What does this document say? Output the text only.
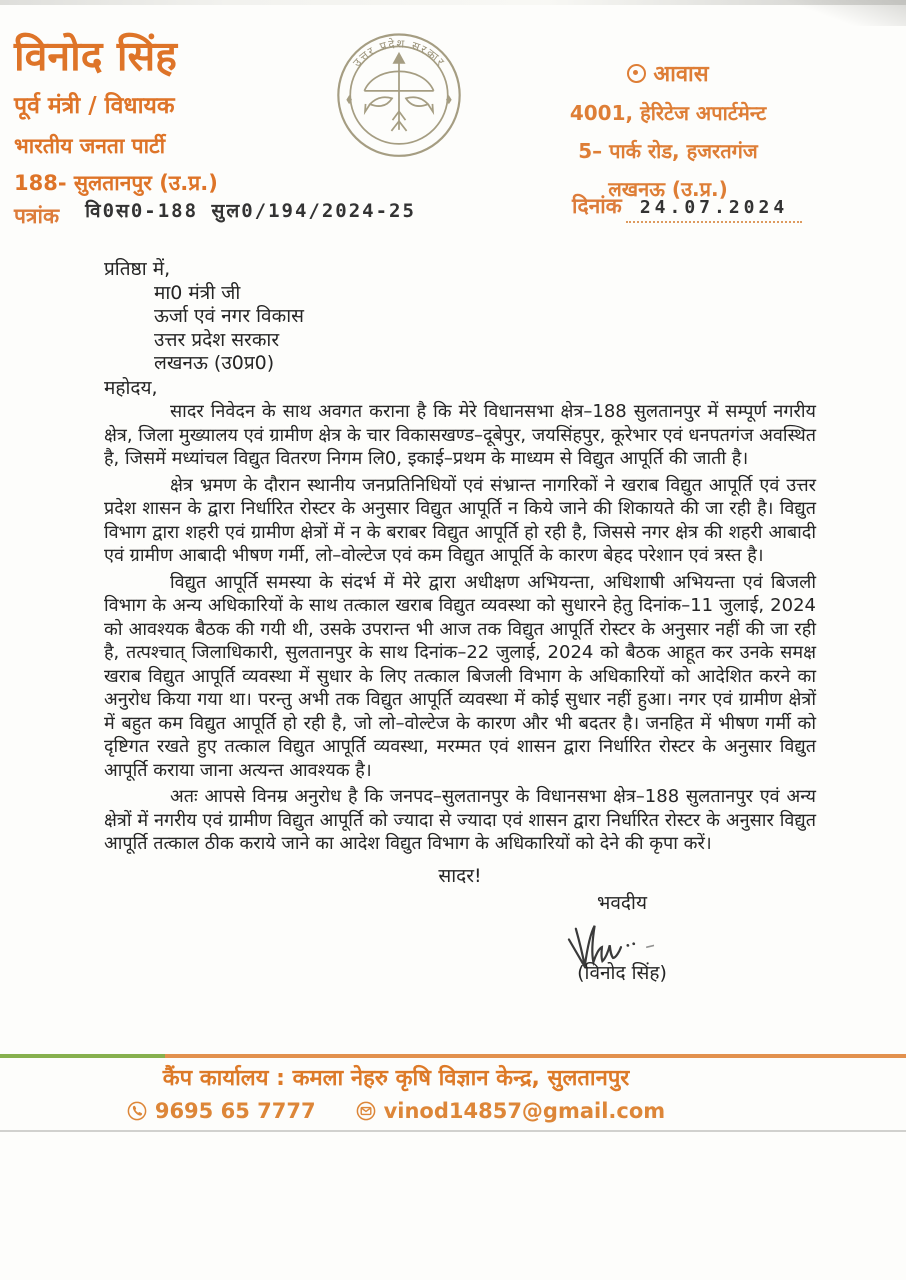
विनोद सिंह
पूर्व मंत्री / विधायक
भारतीय जनता पार्टी
188- सुलतानपुर (उ.प्र.)
उत्तर प्रदेश सरकार	आवास
4001, हेरिटेज अपार्टमेन्ट
5– पार्क रोड, हजरतगंज
लखनऊ (उ.प्र.)
पत्रांक वि0स0-188 सुल0/194/2024-25	दिनांक	24.07.2024
प्रतिष्ठा में,
मा0 मंत्री जी
ऊर्जा एवं नगर विकास
उत्तर प्रदेश सरकार
लखनऊ (उ0प्र0)
महोदय,

सादर निवेदन के साथ अवगत कराना है कि मेरे विधानसभा क्षेत्र–188 सुलतानपुर में सम्पूर्ण नगरीय क्षेत्र, जिला मुख्यालय एवं ग्रामीण क्षेत्र के चार विकासखण्ड–दूबेपुर, जयसिंहपुर, कूरेभार एवं धनपतगंज अवस्थित है, जिसमें मध्यांचल विद्युत वितरण निगम लि0, इकाई–प्रथम के माध्यम से विद्युत आपूर्ति की जाती है।

क्षेत्र भ्रमण के दौरान स्थानीय जनप्रतिनिधियों एवं संभ्रान्त नागरिकों ने खराब विद्युत आपूर्ति एवं उत्तर प्रदेश शासन के द्वारा निर्धारित रोस्टर के अनुसार विद्युत आपूर्ति न किये जाने की शिकायते की जा रही है। विद्युत विभाग द्वारा शहरी एवं ग्रामीण क्षेत्रों में न के बराबर विद्युत आपूर्ति हो रही है, जिससे नगर क्षेत्र की शहरी आबादी एवं ग्रामीण आबादी भीषण गर्मी, लो–वोल्टेज एवं कम विद्युत आपूर्ति के कारण बेहद परेशान एवं त्रस्त है।

विद्युत आपूर्ति समस्या के संदर्भ में मेरे द्वारा अधीक्षण अभियन्ता, अधिशाषी अभियन्ता एवं बिजली विभाग के अन्य अधिकारियों के साथ तत्काल खराब विद्युत व्यवस्था को सुधारने हेतु दिनांक–11 जुलाई, 2024 को आवश्यक बैठक की गयी थी, उसके उपरान्त भी आज तक विद्युत आपूर्ति रोस्टर के अनुसार नहीं की जा रही है, तत्पश्चात् जिलाधिकारी, सुलतानपुर के साथ दिनांक–22 जुलाई, 2024 को बैठक आहूत कर उनके समक्ष खराब विद्युत आपूर्ति व्यवस्था में सुधार के लिए तत्काल बिजली विभाग के अधिकारियों को आदेशित करने का अनुरोध किया गया था। परन्तु अभी तक विद्युत आपूर्ति व्यवस्था में कोई सुधार नहीं हुआ। नगर एवं ग्रामीण क्षेत्रों में बहुत कम विद्युत आपूर्ति हो रही है, जो लो–वोल्टेज के कारण और भी बदतर है। जनहित में भीषण गर्मी को दृष्टिगत रखते हुए तत्काल विद्युत आपूर्ति व्यवस्था, मरम्मत एवं शासन द्वारा निर्धारित रोस्टर के अनुसार विद्युत आपूर्ति कराया जाना अत्यन्त आवश्यक है।

अतः आपसे विनम्र अनुरोध है कि जनपद–सुलतानपुर के विधानसभा क्षेत्र–188 सुलतानपुर एवं अन्य क्षेत्रों में नगरीय एवं ग्रामीण विद्युत आपूर्ति को ज्यादा से ज्यादा एवं शासन द्वारा निर्धारित रोस्टर के अनुसार विद्युत आपूर्ति तत्काल ठीक कराये जाने का आदेश विद्युत विभाग के अधिकारियों को देने की कृपा करें।

सादर!
भवदीय
(विनोद सिंह)
कैंप कार्यालय : कमला नेहरु कृषि विज्ञान केन्द्र, सुलतानपुर
9695 65 7777	vinod14857@gmail.com
